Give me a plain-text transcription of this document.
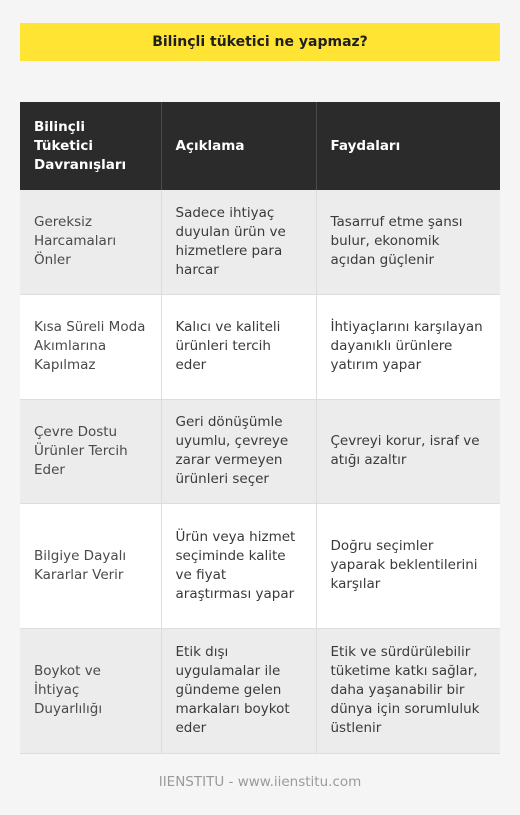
Bilinçli tüketici ne yapmaz?
Bilinçli Tüketici Davranışları	Açıklama	Faydaları
Gereksiz Harcamaları Önler	Sadece ihtiyaç duyulan ürün ve hizmetlere para harcar	Tasarruf etme şansı bulur, ekonomik açıdan güçlenir
Kısa Süreli Moda Akımlarına Kapılmaz	Kalıcı ve kaliteli ürünleri tercih eder	İhtiyaçlarını karşılayan dayanıklı ürünlere yatırım yapar
Çevre Dostu Ürünler Tercih Eder	Geri dönüşümle uyumlu, çevreye zarar vermeyen ürünleri seçer	Çevreyi korur, israf ve atığı azaltır
Bilgiye Dayalı Kararlar Verir	Ürün veya hizmet seçiminde kalite ve fiyat araştırması yapar	Doğru seçimler yaparak beklentilerini karşılar
Boykot ve İhtiyaç Duyarlılığı	Etik dışı uygulamalar ile gündeme gelen markaları boykot eder	Etik ve sürdürülebilir tüketime katkı sağlar, daha yaşanabilir bir dünya için sorumluluk üstlenir
IIENSTITU - www.iienstitu.com
